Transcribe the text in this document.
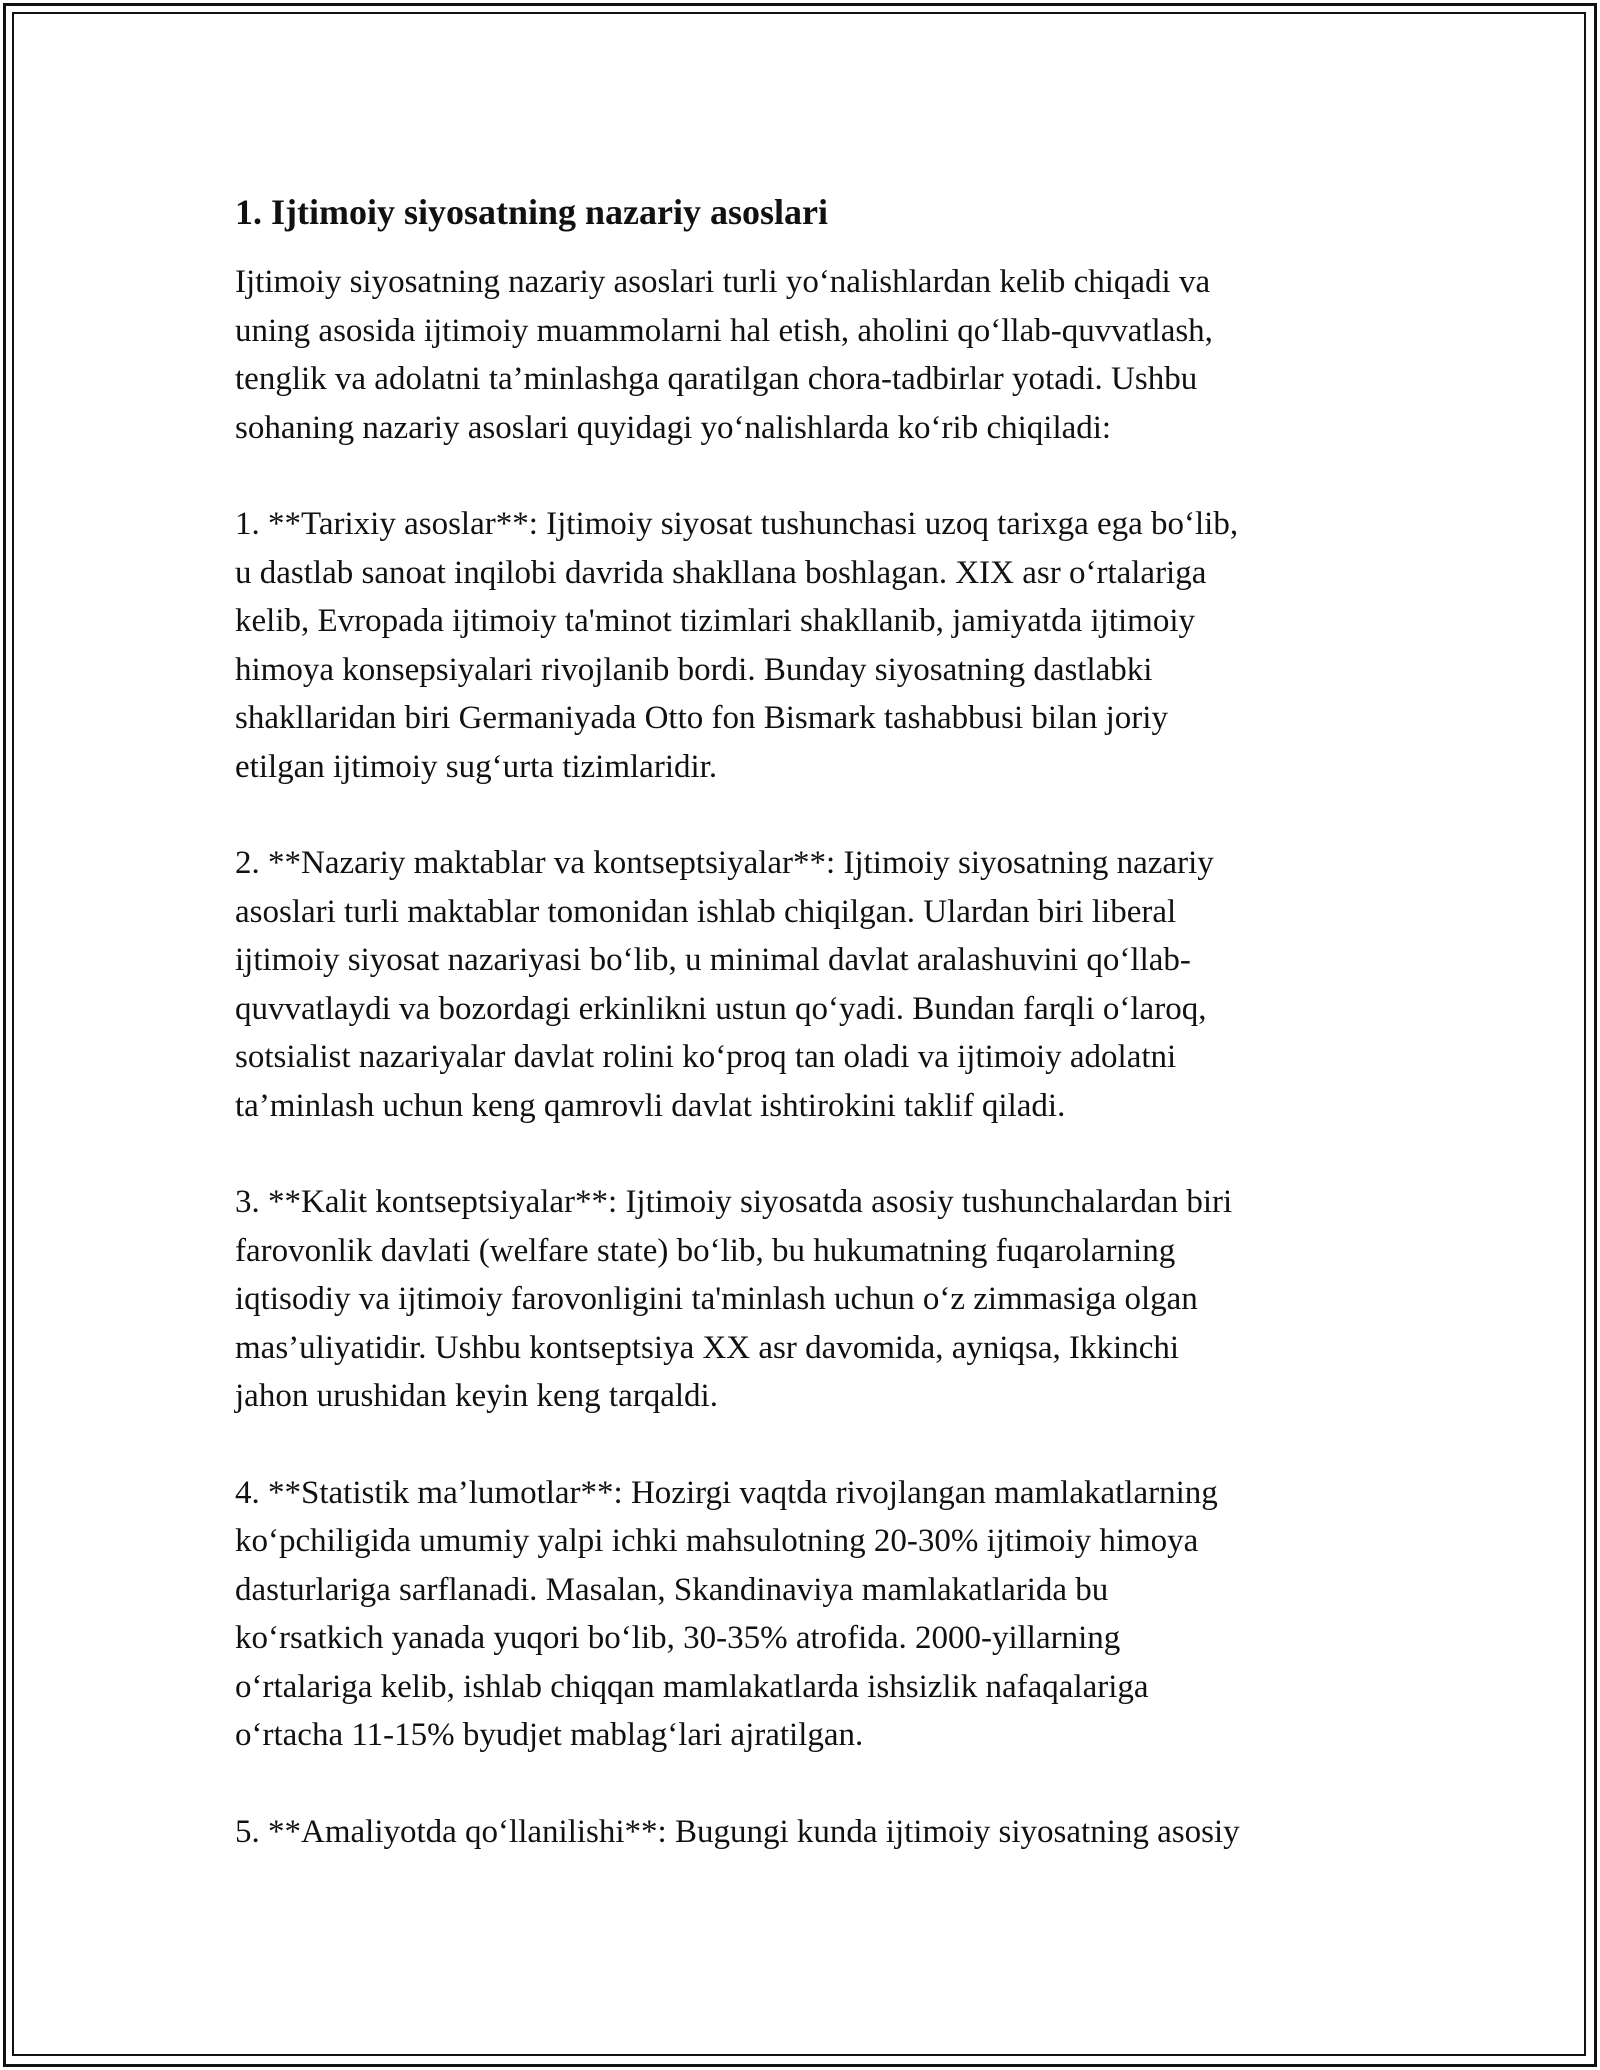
1. Ijtimoiy siyosatning nazariy asoslari
Ijtimoiy siyosatning nazariy asoslari turli yo‘nalishlardan kelib chiqadi va
uning asosida ijtimoiy muammolarni hal etish, aholini qo‘llab-quvvatlash,
tenglik va adolatni ta’minlashga qaratilgan chora-tadbirlar yotadi. Ushbu
sohaning nazariy asoslari quyidagi yo‘nalishlarda ko‘rib chiqiladi:
1. **Tarixiy asoslar**: Ijtimoiy siyosat tushunchasi uzoq tarixga ega bo‘lib,
u dastlab sanoat inqilobi davrida shakllana boshlagan. XIX asr o‘rtalariga
kelib, Evropada ijtimoiy ta'minot tizimlari shakllanib, jamiyatda ijtimoiy
himoya konsepsiyalari rivojlanib bordi. Bunday siyosatning dastlabki
shakllaridan biri Germaniyada Otto fon Bismark tashabbusi bilan joriy
etilgan ijtimoiy sug‘urta tizimlaridir.
2. **Nazariy maktablar va kontseptsiyalar**: Ijtimoiy siyosatning nazariy
asoslari turli maktablar tomonidan ishlab chiqilgan. Ulardan biri liberal
ijtimoiy siyosat nazariyasi bo‘lib, u minimal davlat aralashuvini qo‘llab-
quvvatlaydi va bozordagi erkinlikni ustun qo‘yadi. Bundan farqli o‘laroq,
sotsialist nazariyalar davlat rolini ko‘proq tan oladi va ijtimoiy adolatni
ta’minlash uchun keng qamrovli davlat ishtirokini taklif qiladi.
3. **Kalit kontseptsiyalar**: Ijtimoiy siyosatda asosiy tushunchalardan biri
farovonlik davlati (welfare state) bo‘lib, bu hukumatning fuqarolarning
iqtisodiy va ijtimoiy farovonligini ta'minlash uchun o‘z zimmasiga olgan
mas’uliyatidir. Ushbu kontseptsiya XX asr davomida, ayniqsa, Ikkinchi
jahon urushidan keyin keng tarqaldi.
4. **Statistik ma’lumotlar**: Hozirgi vaqtda rivojlangan mamlakatlarning
ko‘pchiligida umumiy yalpi ichki mahsulotning 20-30% ijtimoiy himoya
dasturlariga sarflanadi. Masalan, Skandinaviya mamlakatlarida bu
ko‘rsatkich yanada yuqori bo‘lib, 30-35% atrofida. 2000-yillarning
o‘rtalariga kelib, ishlab chiqqan mamlakatlarda ishsizlik nafaqalariga
o‘rtacha 11-15% byudjet mablag‘lari ajratilgan.
5. **Amaliyotda qo‘llanilishi**: Bugungi kunda ijtimoiy siyosatning asosiy
